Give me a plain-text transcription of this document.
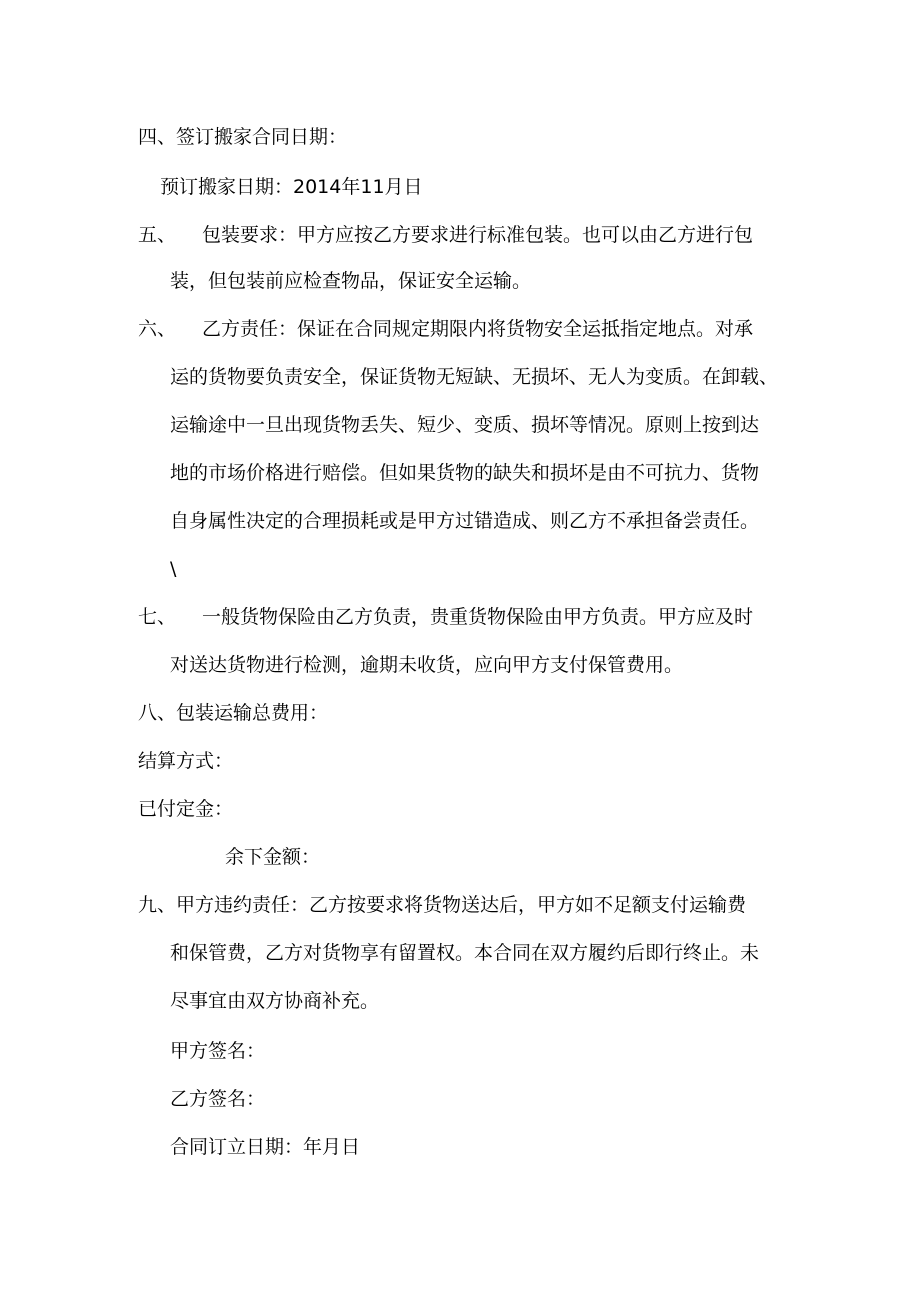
四、签订搬家合同日期：
预订搬家日期：2014年11月日
五、 包装要求：甲方应按乙方要求进行标准包装。也可以由乙方进行包
装，但包装前应检查物品，保证安全运输。
六、 乙方责任：保证在合同规定期限内将货物安全运抵指定地点。对承
运的货物要负责安全，保证货物无短缺、无损坏、无人为变质。在卸载、
运输途中一旦出现货物丢失、短少、变质、损坏等情况。原则上按到达
地的市场价格进行赔偿。但如果货物的缺失和损坏是由不可抗力、货物
自身属性决定的合理损耗或是甲方过错造成、则乙方不承担备尝责任。
\
七、 一般货物保险由乙方负责，贵重货物保险由甲方负责。甲方应及时
对送达货物进行检测，逾期未收货，应向甲方支付保管费用。
八、包装运输总费用：
结算方式：
已付定金：
余下金额：
九、甲方违约责任：乙方按要求将货物送达后，甲方如不足额支付运输费
和保管费，乙方对货物享有留置权。本合同在双方履约后即行终止。未
尽事宜由双方协商补充。
甲方签名：
乙方签名：
合同订立日期：年月日
